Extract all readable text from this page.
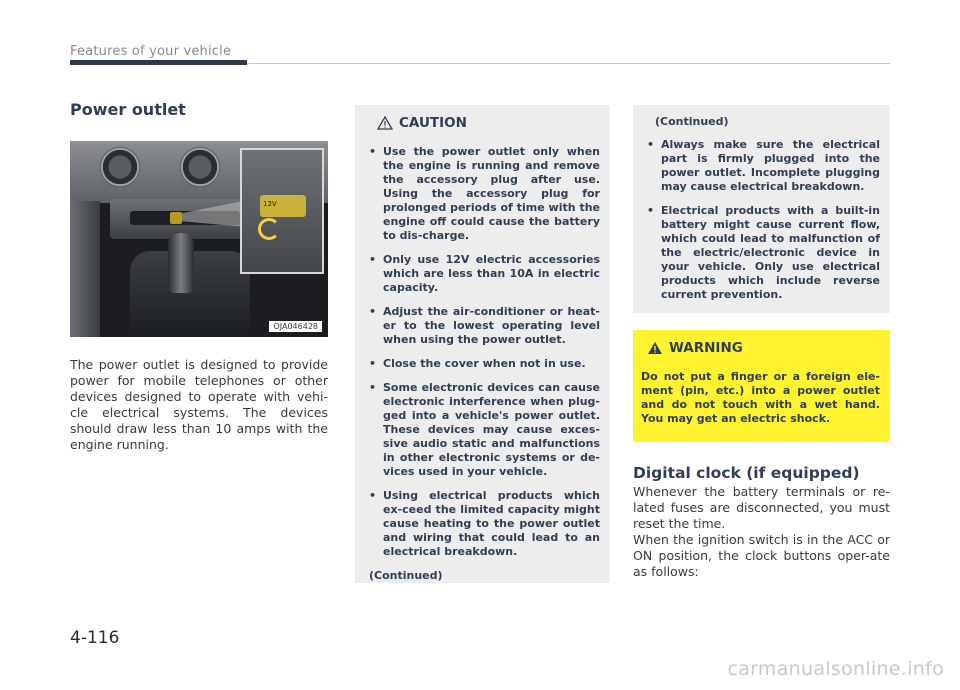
Features of your vehicle
Power outlet
12V
OJA046428

The power outlet is designed to provide power for mobile telephones or other devices designed to operate with vehi-cle electrical systems. The devices should draw less than 10 amps with the engine running.

CAUTION
• Use the power outlet only when the engine is running and remove the accessory plug after use. Using the accessory plug for prolonged periods of time with the engine off could cause the battery to dis-charge.
• Only use 12V electric accessories which are less than 10A in electric capacity.
• Adjust the air-conditioner or heat-er to the lowest operating level when using the power outlet.
• Close the cover when not in use.
• Some electronic devices can cause electronic interference when plug-ged into a vehicle's power outlet. These devices may cause exces-sive audio static and malfunctions in other electronic systems or de-vices used in your vehicle.
• Using electrical products which ex-ceed the limited capacity might cause heating to the power outlet and wiring that could lead to an electrical breakdown.
(Continued)
(Continued)
• Always make sure the electrical part is firmly plugged into the power outlet. Incomplete plugging may cause electrical breakdown.
• Electrical products with a built-in battery might cause current flow, which could lead to malfunction of the electric/electronic device in your vehicle. Only use electrical products which include reverse current prevention.
WARNING

Do not put a finger or a foreign ele-ment (pin, etc.) into a power outlet and do not touch with a wet hand. You may get an electric shock.

Digital clock (if equipped)

Whenever the battery terminals or re-lated fuses are disconnected, you must reset the time.
When the ignition switch is in the ACC or ON position, the clock buttons oper-ate as follows:

4-116
carmanualsonline.info
